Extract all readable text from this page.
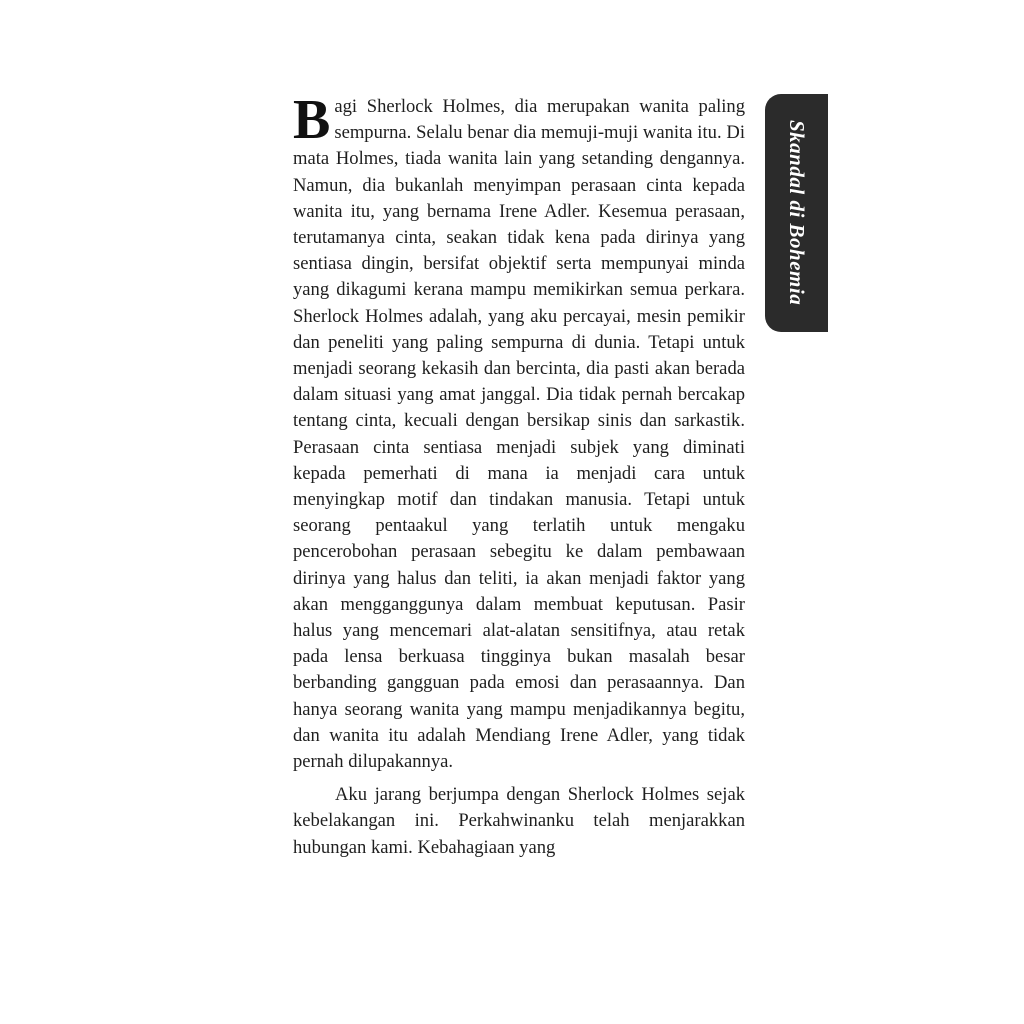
Bagi Sherlock Holmes, dia merupakan wanita paling sempurna. Selalu benar dia memuji-muji wanita itu. Di mata Holmes, tiada wanita lain yang setanding dengannya. Namun, dia bukanlah menyimpan perasaan cinta kepada wanita itu, yang bernama Irene Adler. Kesemua perasaan, terutamanya cinta, seakan tidak kena pada dirinya yang sentiasa dingin, bersifat objektif serta mempunyai minda yang dikagumi kerana mampu memikirkan semua perkara. Sherlock Holmes adalah, yang aku percayai, mesin pemikir dan peneliti yang paling sempurna di dunia. Tetapi untuk menjadi seorang kekasih dan bercinta, dia pasti akan berada dalam situasi yang amat janggal. Dia tidak pernah bercakap tentang cinta, kecuali dengan bersikap sinis dan sarkastik. Perasaan cinta sentiasa menjadi subjek yang diminati kepada pemerhati di mana ia menjadi cara untuk menyingkap motif dan tindakan manusia. Tetapi untuk seorang pentaakul yang terlatih untuk mengaku pencerobohan perasaan sebegitu ke dalam pembawaan dirinya yang halus dan teliti, ia akan menjadi faktor yang akan mengganggunya dalam membuat keputusan. Pasir halus yang mencemari alat-alatan sensitifnya, atau retak pada lensa berkuasa tingginya bukan masalah besar berbanding gangguan pada emosi dan perasaannya. Dan hanya seorang wanita yang mampu menjadikannya begitu, dan wanita itu adalah Mendiang Irene Adler, yang tidak pernah dilupakannya.

Aku jarang berjumpa dengan Sherlock Holmes sejak kebelakangan ini. Perkahwinanku telah menjarakkan hubungan kami. Kebahagiaan yang

Skandal di Bohemia
